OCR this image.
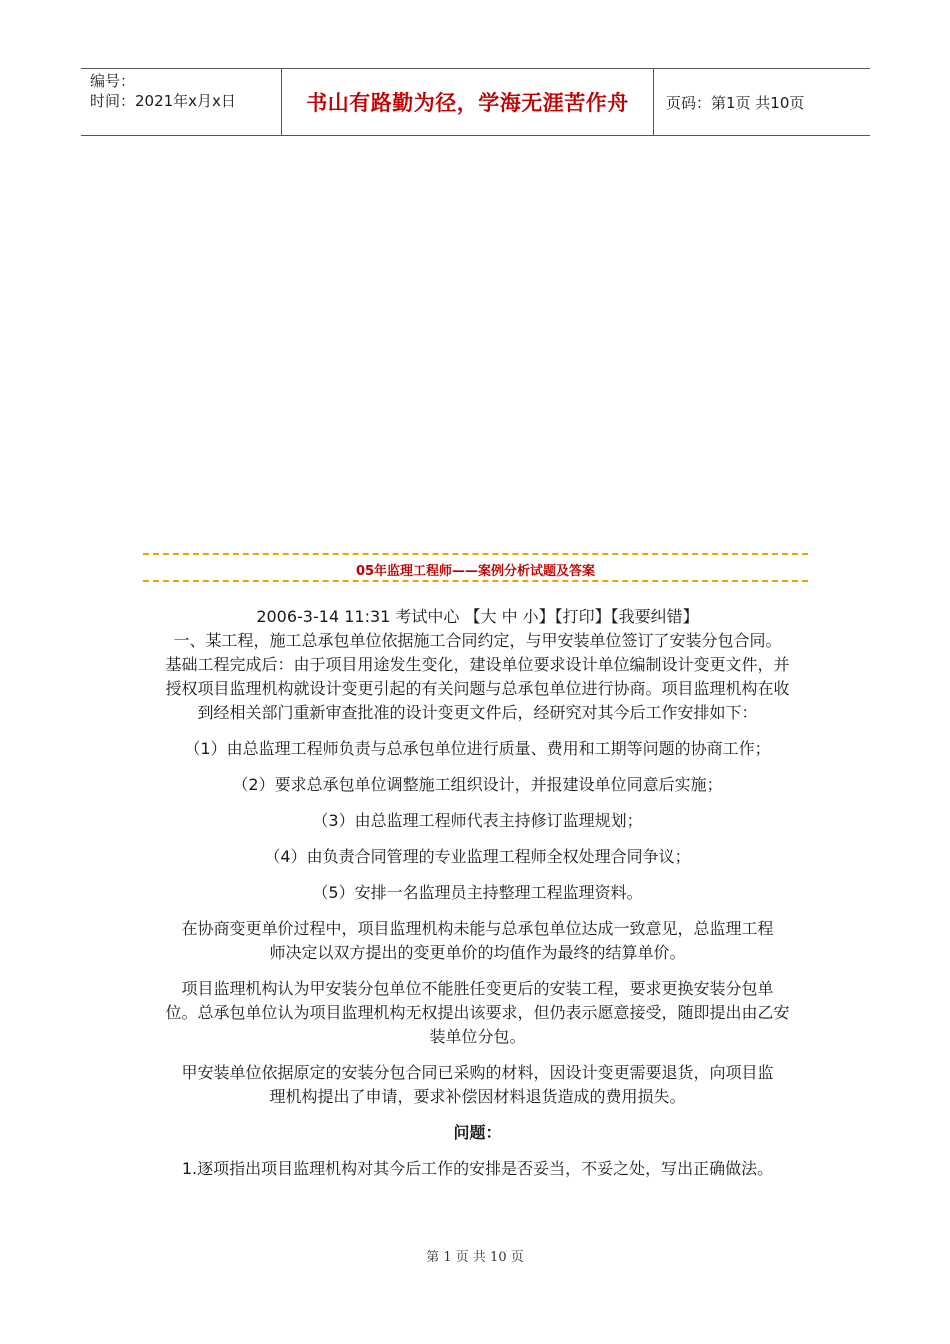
编号：
时间：2021年x月x日	书山有路勤为径，学海无涯苦作舟 页码：第1页 共10页
05年监理工程师——案例分析试题及答案

2006-3-14 11:31 考试中心 【大 中 小】【打印】【我要纠错】

一、某工程，施工总承包单位依据施工合同约定，与甲安装单位签订了安装分包合同。

基础工程完成后：由于项目用途发生变化，建设单位要求设计单位编制设计变更文件，并

授权项目监理机构就设计变更引起的有关问题与总承包单位进行协商。项目监理机构在收

到经相关部门重新审查批准的设计变更文件后，经研究对其今后工作安排如下：

（1）由总监理工程师负责与总承包单位进行质量、费用和工期等问题的协商工作；

（2）要求总承包单位调整施工组织设计，并报建设单位同意后实施；

（3）由总监理工程师代表主持修订监理规划；

（4）由负责合同管理的专业监理工程师全权处理合同争议；

（5）安排一名监理员主持整理工程监理资料。

在协商变更单价过程中，项目监理机构未能与总承包单位达成一致意见，总监理工程

师决定以双方提出的变更单价的均值作为最终的结算单价。

项目监理机构认为甲安装分包单位不能胜任变更后的安装工程，要求更换安装分包单

位。总承包单位认为项目监理机构无权提出该要求，但仍表示愿意接受，随即提出由乙安

装单位分包。

甲安装单位依据原定的安装分包合同已采购的材料，因设计变更需要退货，向项目监

理机构提出了申请，要求补偿因材料退货造成的费用损失。

问题：

1.逐项指出项目监理机构对其今后工作的安排是否妥当，不妥之处，写出正确做法。

第 1 页 共 10 页
